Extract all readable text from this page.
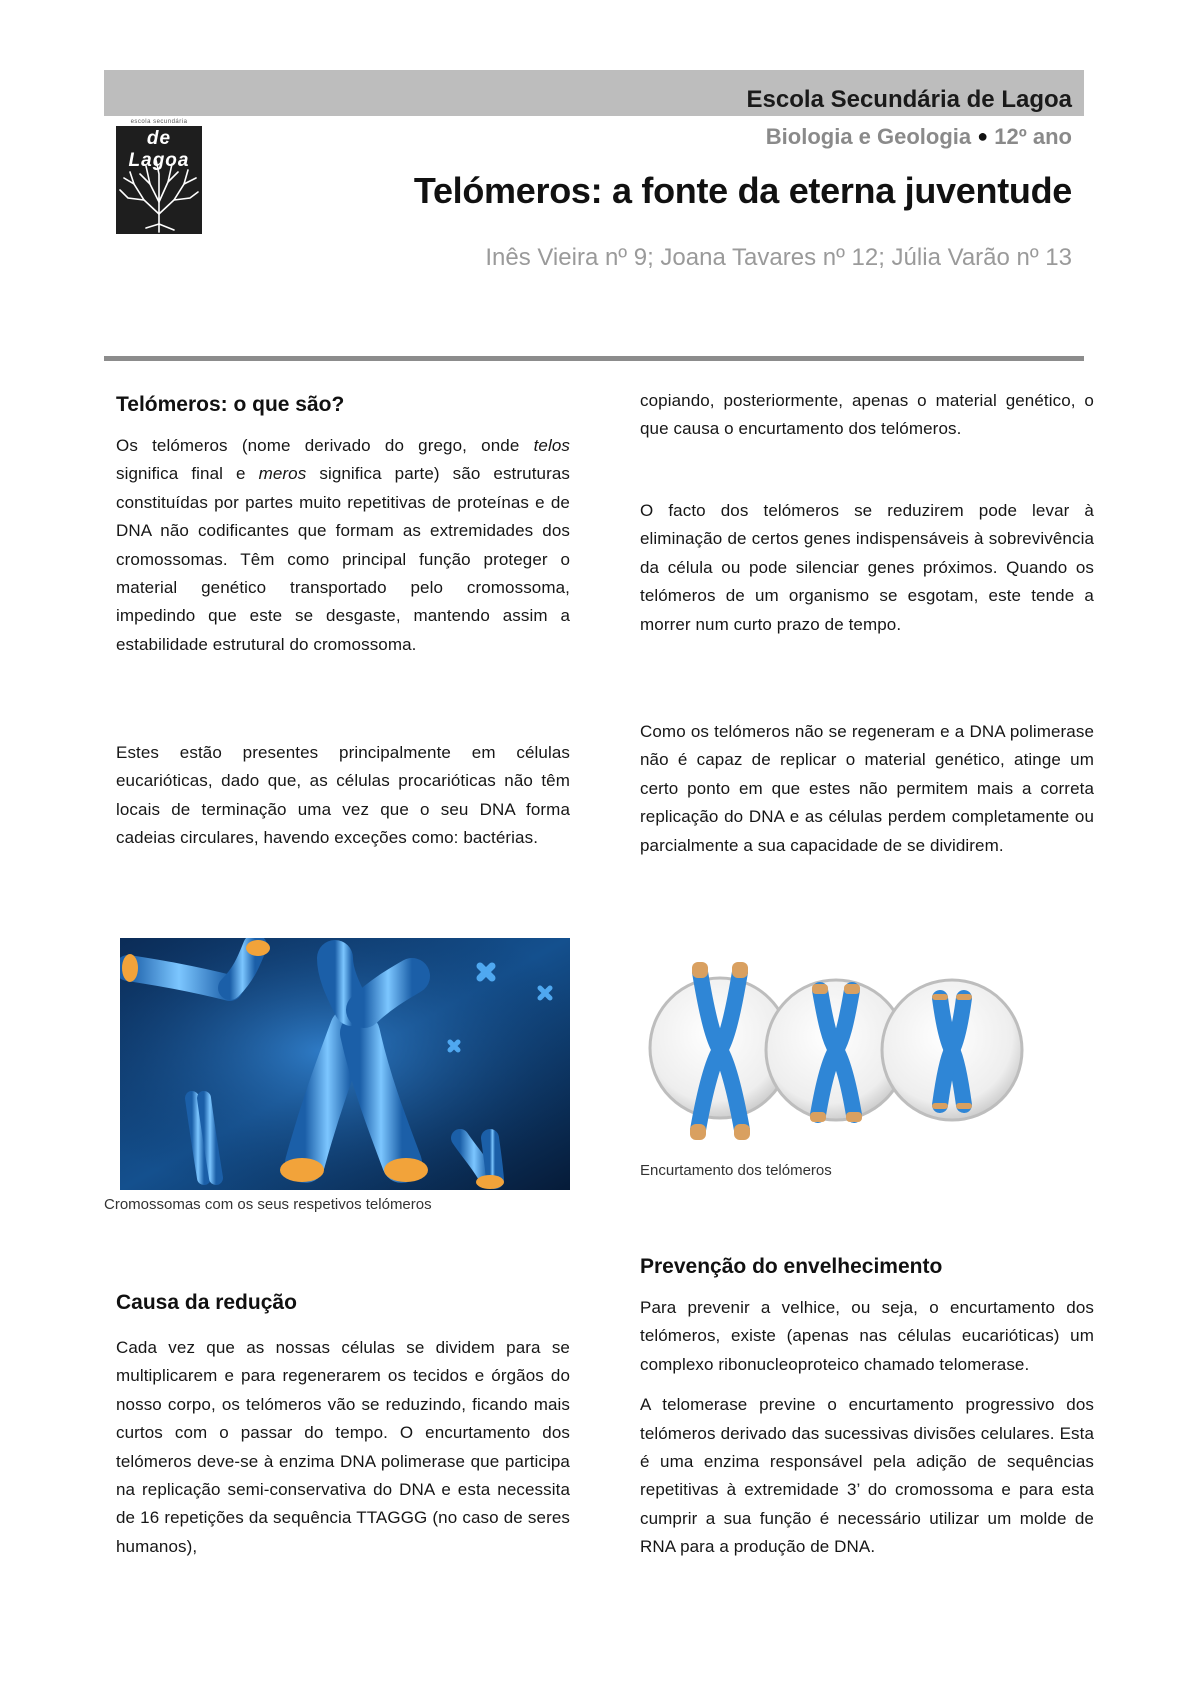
Escola Secundária de Lagoa
Biologia e Geologia ● 12º ano
escola secundária
de Lagoa
Telómeros: a fonte da eterna juventude
Inês Vieira nº 9; Joana Tavares nº 12; Júlia Varão nº 13
Telómeros: o que são?

Os telómeros (nome derivado do grego, onde telos significa final e meros significa parte) são estruturas constituídas por partes muito repetitivas de proteínas e de DNA não codificantes que formam as extremidades dos cromossomas. Têm como principal função proteger o material genético transportado pelo cromossoma, impedindo que este se desgaste, mantendo assim a estabilidade estrutural do cromossoma.

Estes estão presentes principalmente em células eucarióticas, dado que, as células procarióticas não têm locais de terminação uma vez que o seu DNA forma cadeias circulares, havendo exceções como: bactérias.

Cromossomas com os seus respetivos telómeros
Causa da redução

Cada vez que as nossas células se dividem para se multiplicarem e para regenerarem os tecidos e órgãos do nosso corpo, os telómeros vão se reduzindo, ficando mais curtos com o passar do tempo. O encurtamento dos telómeros deve-se à enzima DNA polimerase que participa na replicação semi-conservativa do DNA e esta necessita de 16 repetições da sequência TTAGGG (no caso de seres humanos),

copiando, posteriormente, apenas o material genético, o que causa o encurtamento dos telómeros.

O facto dos telómeros se reduzirem pode levar à eliminação de certos genes indispensáveis à sobrevivência da célula ou pode silenciar genes próximos. Quando os telómeros de um organismo se esgotam, este tende a morrer num curto prazo de tempo.

Como os telómeros não se regeneram e a DNA polimerase não é capaz de replicar o material genético, atinge um certo ponto em que estes não permitem mais a correta replicação do DNA e as células perdem completamente ou parcialmente a sua capacidade de se dividirem.

Encurtamento dos telómeros
Prevenção do envelhecimento

Para prevenir a velhice, ou seja, o encurtamento dos telómeros, existe (apenas nas células eucarióticas) um complexo ribonucleoproteico chamado telomerase.

A telomerase previne o encurtamento progressivo dos telómeros derivado das sucessivas divisões celulares. Esta é uma enzima responsável pela adição de sequências repetitivas à extremidade 3’ do cromossoma e para esta cumprir a sua função é necessário utilizar um molde de RNA para a produção de DNA.
